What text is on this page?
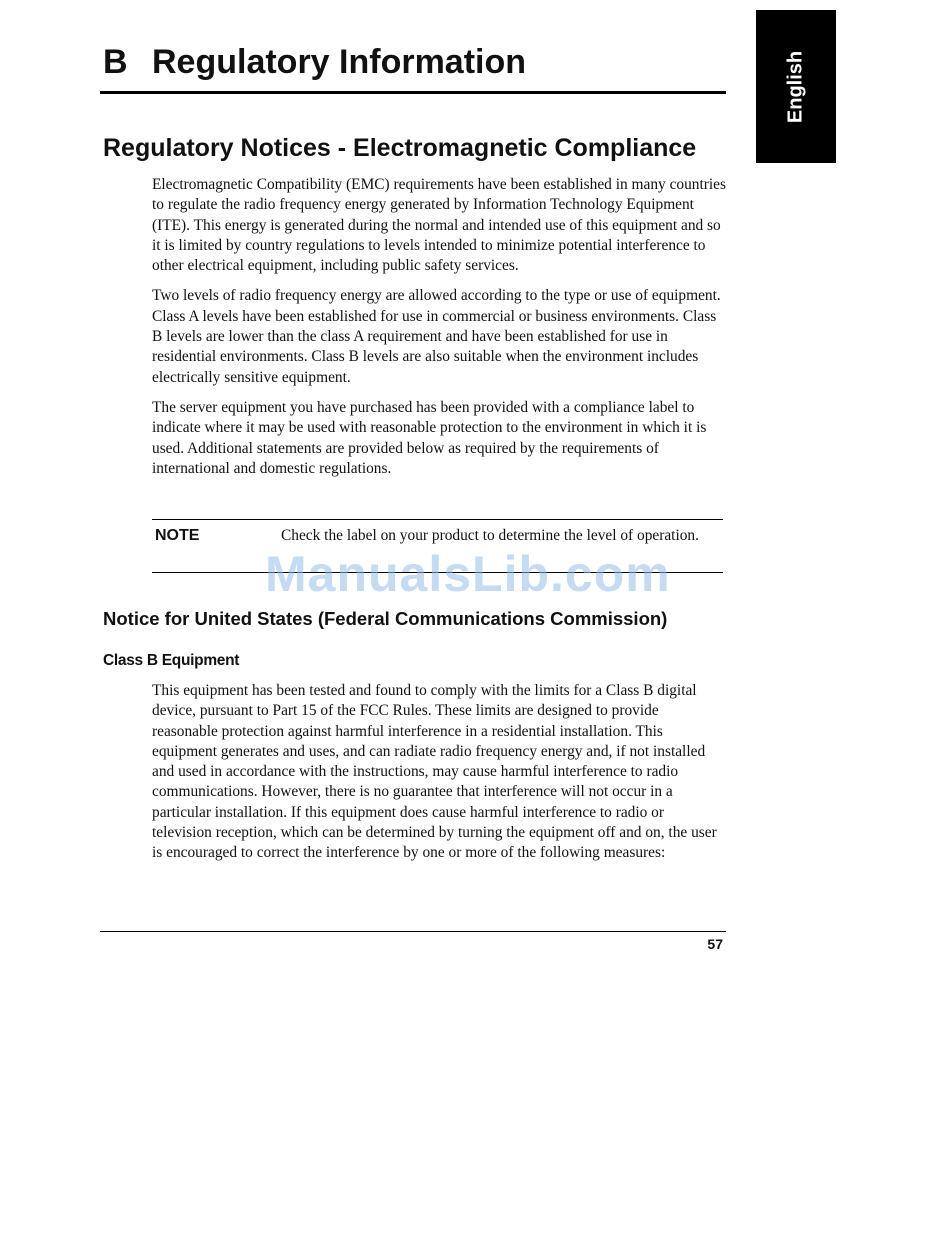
B Regulatory Information	English
Regulatory Notices - Electromagnetic Compliance

Electromagnetic Compatibility (EMC) requirements have been established in many countries to regulate the radio frequency energy generated by Information Technology Equipment (ITE). This energy is generated during the normal and intended use of this equipment and so it is limited by country regulations to levels intended to minimize potential interference to other electrical equipment, including public safety services.

Two levels of radio frequency energy are allowed according to the type or use of equipment. Class A levels have been established for use in commercial or business environments. Class B levels are lower than the class A requirement and have been established for use in residential environments. Class B levels are also suitable when the environment includes electrically sensitive equipment.

The server equipment you have purchased has been provided with a compliance label to indicate where it may be used with reasonable protection to the environment in which it is used. Additional statements are provided below as required by the requirements of international and domestic regulations.

NOTE	Check the label on your product to determine the level of operation.
ManualsLib.com
Notice for United States (Federal Communications Commission)
Class B Equipment

This equipment has been tested and found to comply with the limits for a Class B digital device, pursuant to Part 15 of the FCC Rules. These limits are designed to provide reasonable protection against harmful interference in a residential installation. This equipment generates and uses, and can radiate radio frequency energy and, if not installed and used in accordance with the instructions, may cause harmful interference to radio communications. However, there is no guarantee that interference will not occur in a particular installation. If this equipment does cause harmful interference to radio or television reception, which can be determined by turning the equipment off and on, the user is encouraged to correct the interference by one or more of the following measures:

57
